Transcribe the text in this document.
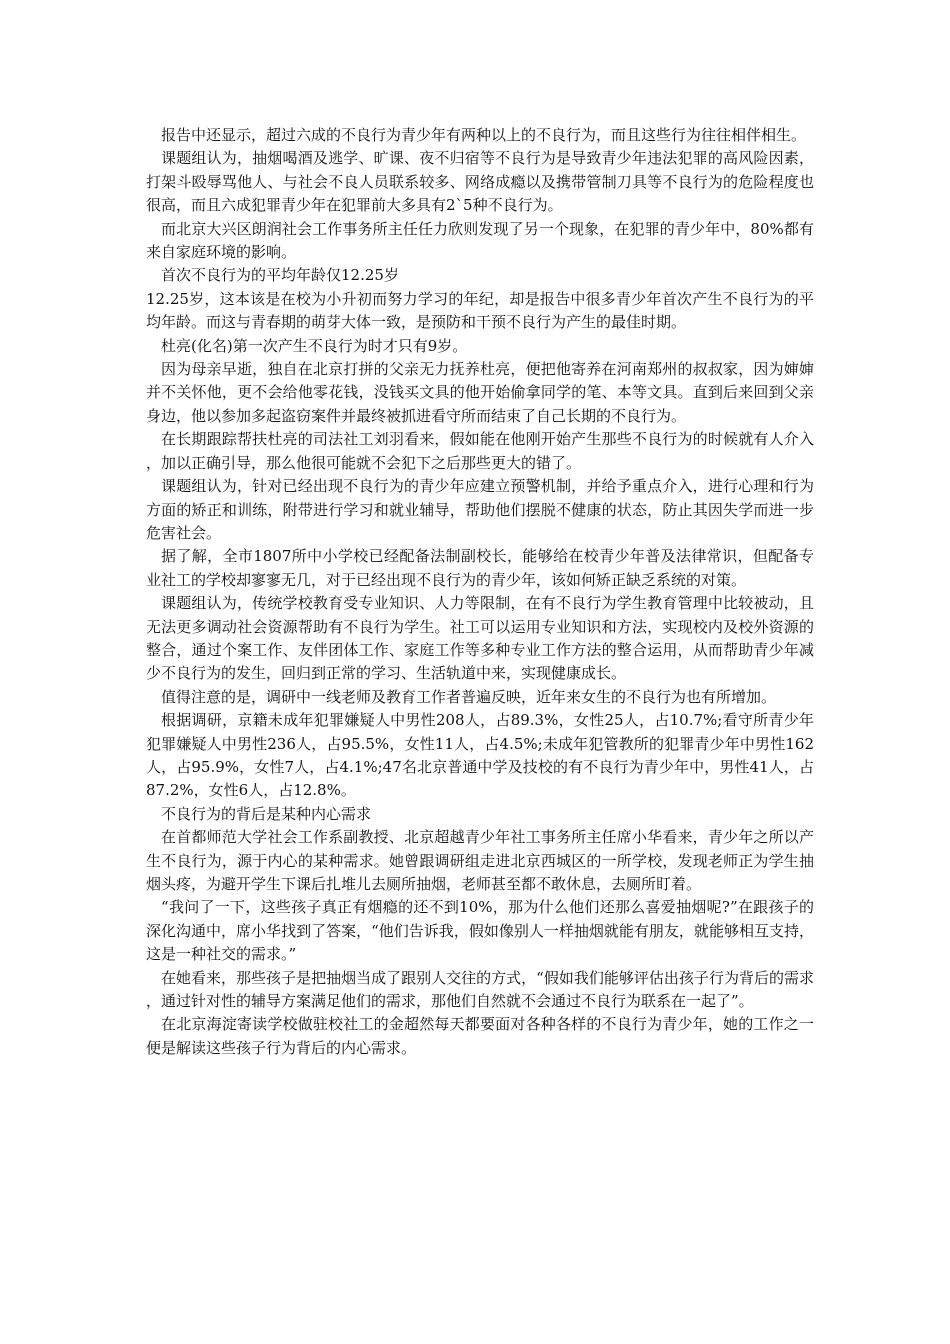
报告中还显示，超过六成的不良行为青少年有两种以上的不良行为，而且这些行为往往相伴相生。

课题组认为，抽烟喝酒及逃学、旷课、夜不归宿等不良行为是导致青少年违法犯罪的高风险因素，打架斗殴辱骂他人、与社会不良人员联系较多、网络成瘾以及携带管制刀具等不良行为的危险程度也很高，而且六成犯罪青少年在犯罪前大多具有2`5种不良行为。

而北京大兴区朗润社会工作事务所主任任力欣则发现了另一个现象，在犯罪的青少年中，80%都有来自家庭环境的影响。

首次不良行为的平均年龄仅12.25岁

12.25岁，这本该是在校为小升初而努力学习的年纪，却是报告中很多青少年首次产生不良行为的平均年龄。而这与青春期的萌芽大体一致，是预防和干预不良行为产生的最佳时期。

杜亮(化名)第一次产生不良行为时才只有9岁。

因为母亲早逝，独自在北京打拼的父亲无力抚养杜亮，便把他寄养在河南郑州的叔叔家，因为婶婶并不关怀他，更不会给他零花钱，没钱买文具的他开始偷拿同学的笔、本等文具。直到后来回到父亲身边，他以参加多起盗窃案件并最终被抓进看守所而结束了自己长期的不良行为。

在长期跟踪帮扶杜亮的司法社工刘羽看来，假如能在他刚开始产生那些不良行为的时候就有人介入，加以正确引导，那么他很可能就不会犯下之后那些更大的错了。

课题组认为，针对已经出现不良行为的青少年应建立预警机制，并给予重点介入，进行心理和行为方面的矫正和训练，附带进行学习和就业辅导，帮助他们摆脱不健康的状态，防止其因失学而进一步危害社会。

据了解，全市1807所中小学校已经配备法制副校长，能够给在校青少年普及法律常识，但配备专业社工的学校却寥寥无几，对于已经出现不良行为的青少年，该如何矫正缺乏系统的对策。

课题组认为，传统学校教育受专业知识、人力等限制，在有不良行为学生教育管理中比较被动，且无法更多调动社会资源帮助有不良行为学生。社工可以运用专业知识和方法，实现校内及校外资源的整合，通过个案工作、友伴团体工作、家庭工作等多种专业工作方法的整合运用，从而帮助青少年减少不良行为的发生，回归到正常的学习、生活轨道中来，实现健康成长。

值得注意的是，调研中一线老师及教育工作者普遍反映，近年来女生的不良行为也有所增加。

根据调研，京籍未成年犯罪嫌疑人中男性208人，占89.3%，女性25人，占10.7%;看守所青少年犯罪嫌疑人中男性236人，占95.5%，女性11人，占4.5%;未成年犯管教所的犯罪青少年中男性162人，占95.9%，女性7人，占4.1%;47名北京普通中学及技校的有不良行为青少年中，男性41人，占87.2%，女性6人，占12.8%。

不良行为的背后是某种内心需求

在首都师范大学社会工作系副教授、北京超越青少年社工事务所主任席小华看来，青少年之所以产生不良行为，源于内心的某种需求。她曾跟调研组走进北京西城区的一所学校，发现老师正为学生抽烟头疼，为避开学生下课后扎堆儿去厕所抽烟，老师甚至都不敢休息，去厕所盯着。

“我问了一下，这些孩子真正有烟瘾的还不到10%，那为什么他们还那么喜爱抽烟呢?”在跟孩子的深化沟通中，席小华找到了答案，“他们告诉我，假如像别人一样抽烟就能有朋友，就能够相互支持，这是一种社交的需求。”

在她看来，那些孩子是把抽烟当成了跟别人交往的方式，“假如我们能够评估出孩子行为背后的需求，通过针对性的辅导方案满足他们的需求，那他们自然就不会通过不良行为联系在一起了”。

在北京海淀寄读学校做驻校社工的金超然每天都要面对各种各样的不良行为青少年，她的工作之一便是解读这些孩子行为背后的内心需求。
